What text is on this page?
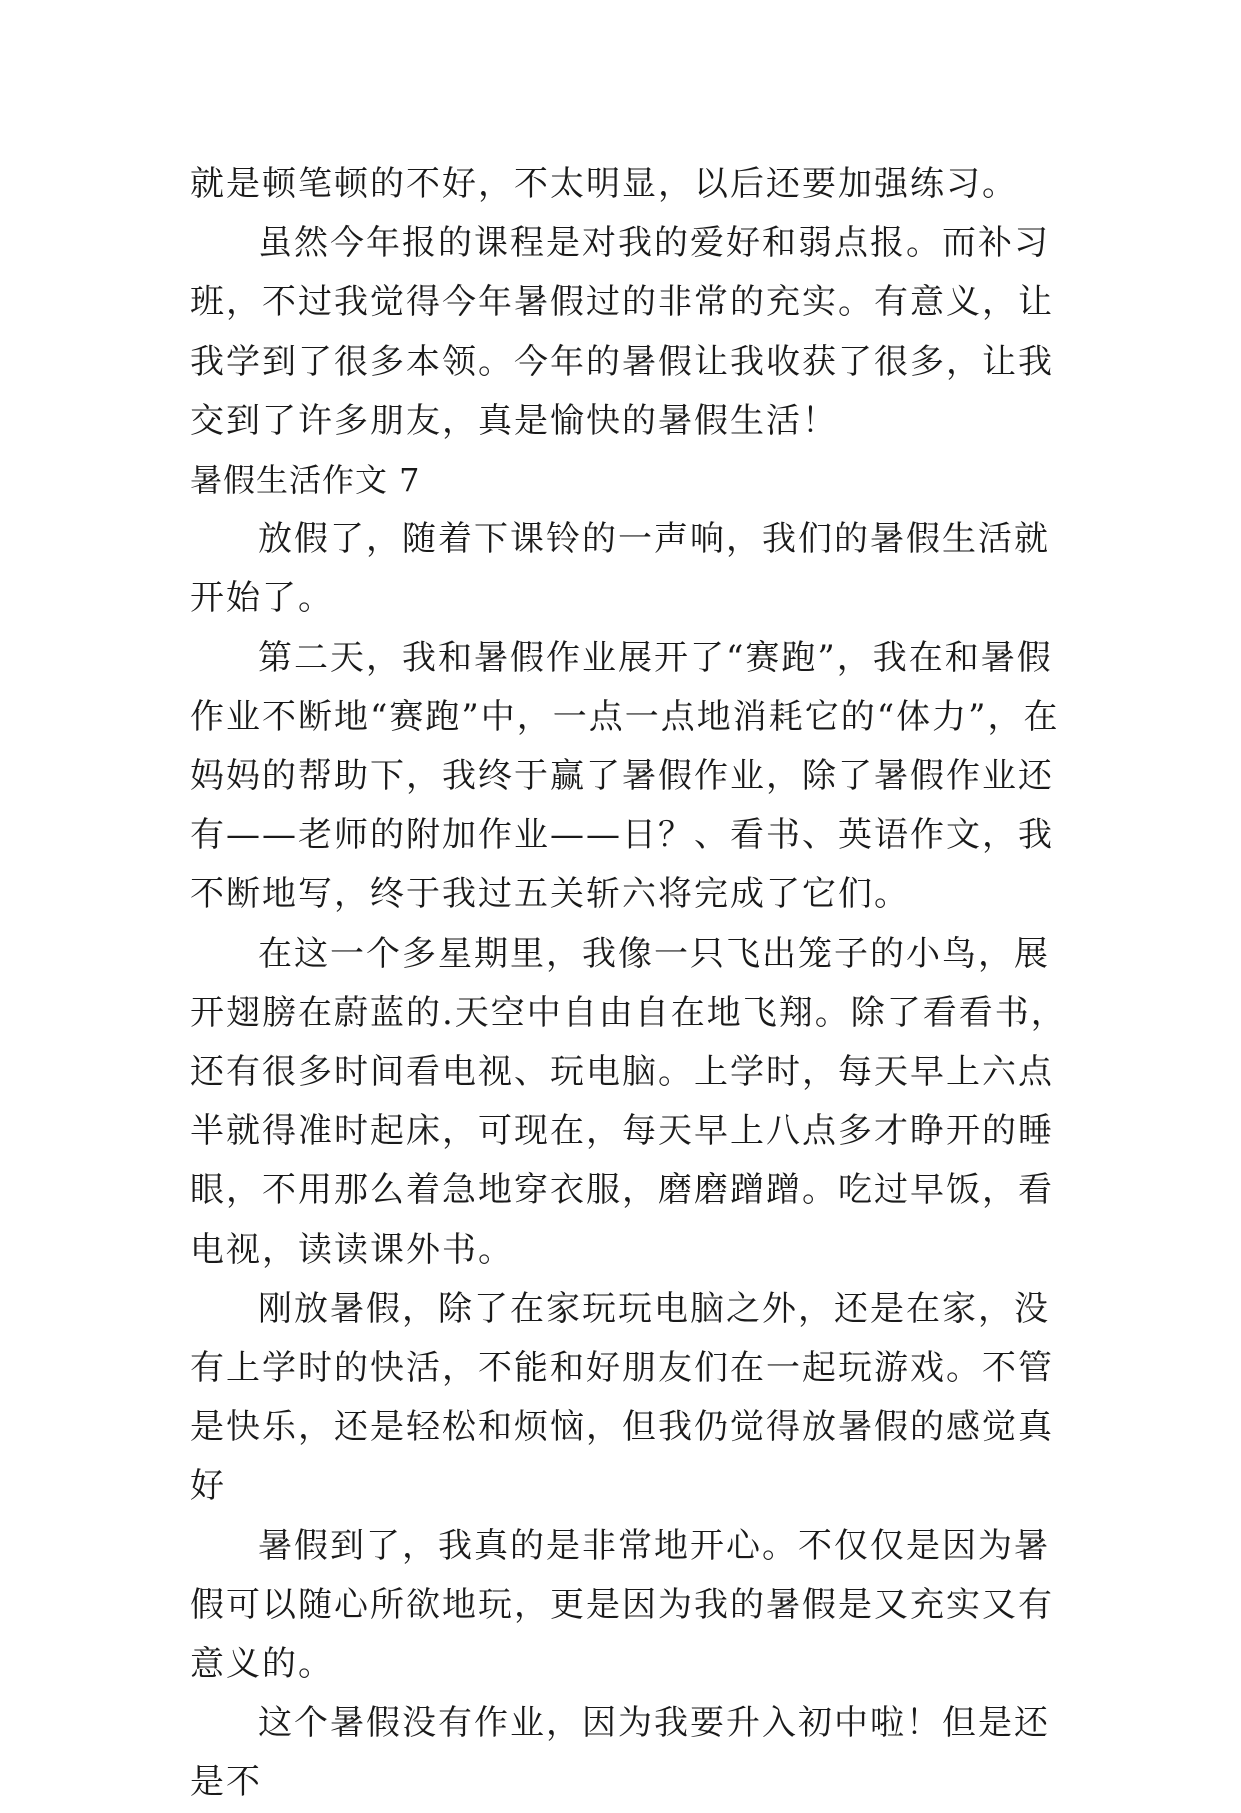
就是顿笔顿的不好，不太明显，以后还要加强练习。

虽然今年报的课程是对我的爱好和弱点报。而补习班，不过我觉得今年暑假过的非常的充实。有意义，让我学到了很多本领。今年的暑假让我收获了很多，让我交到了许多朋友，真是愉快的暑假生活！

暑假生活作文 7

放假了，随着下课铃的一声响，我们的暑假生活就开始了。

第二天，我和暑假作业展开了“赛跑”，我在和暑假作业不断地“赛跑”中，一点一点地消耗它的“体力”，在妈妈的帮助下，我终于赢了暑假作业，除了暑假作业还有——老师的附加作业——日？、看书、英语作文，我不断地写，终于我过五关斩六将完成了它们。

在这一个多星期里，我像一只飞出笼子的小鸟，展开翅膀在蔚蓝的.天空中自由自在地飞翔。除了看看书，还有很多时间看电视、玩电脑。上学时，每天早上六点半就得准时起床，可现在，每天早上八点多才睁开的睡眼，不用那么着急地穿衣服，磨磨蹭蹭。吃过早饭，看电视，读读课外书。

刚放暑假，除了在家玩玩电脑之外，还是在家，没有上学时的快活，不能和好朋友们在一起玩游戏。不管是快乐，还是轻松和烦恼，但我仍觉得放暑假的感觉真好

暑假到了，我真的是非常地开心。不仅仅是因为暑假可以随心所欲地玩，更是因为我的暑假是又充实又有意义的。

这个暑假没有作业，因为我要升入初中啦！但是还是不
